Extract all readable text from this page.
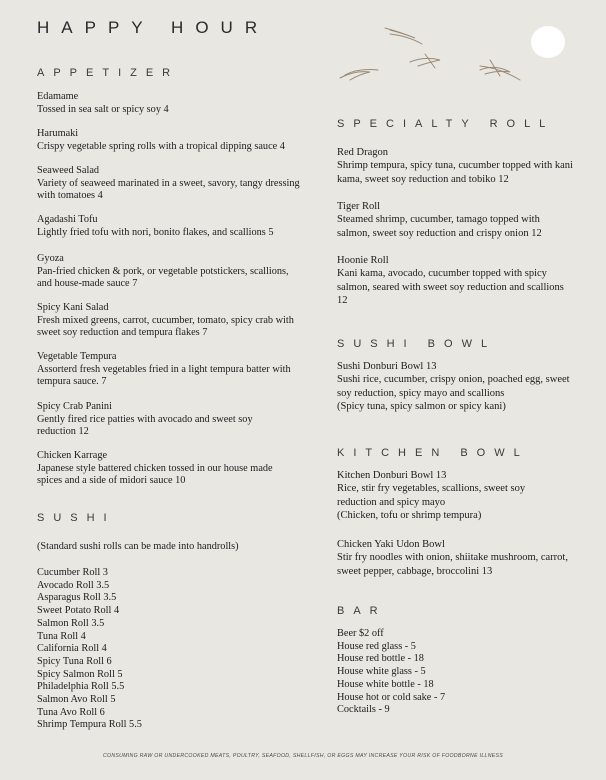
HAPPY HOUR
APPETIZER
Edamame
Tossed in sea salt or spicy soy 4
Harumaki
Crispy vegetable spring rolls with a tropical dipping sauce 4
Seaweed Salad
Variety of seaweed marinated in a sweet, savory, tangy dressing with tomatoes 4
Agadashi Tofu
Lightly fried tofu with nori, bonito flakes, and scallions 5
Gyoza
Pan-fried chicken & pork, or vegetable potstickers, scallions, and house-made sauce 7
Spicy Kani Salad
Fresh mixed greens, carrot, cucumber, tomato, spicy crab with sweet soy reduction and tempura flakes 7
Vegetable Tempura
Assorterd fresh vegetables fried in a light tempura batter with tempura sauce. 7
Spicy Crab Panini
Gently fired rice patties with avocado and sweet soy reduction 12
Chicken Karrage
Japanese style battered chicken tossed in our house made spices and a side of midori sauce 10
SUSHI
(Standard sushi rolls can be made into handrolls)
Cucumber Roll 3
Avocado Roll 3.5
Asparagus Roll 3.5
Sweet Potato Roll 4
Salmon Roll 3.5
Tuna Roll 4
California Roll 4
Spicy Tuna Roll 6
Spicy Salmon Roll 5
Philadelphia Roll 5.5
Salmon Avo Roll 5
Tuna Avo Roll 6
Shrimp Tempura Roll 5.5
SPECIALTY ROLL
Red Dragon
Shrimp tempura, spicy tuna, cucumber topped with kani kama, sweet soy reduction and tobiko 12
Tiger Roll
Steamed shrimp, cucumber, tamago topped with salmon, sweet soy reduction and crispy onion 12
Hoonie Roll
Kani kama, avocado, cucumber topped with spicy salmon, seared with sweet soy reduction and scallions 12
SUSHI BOWL
Sushi Donburi Bowl 13
Sushi rice, cucumber, crispy onion, poached egg, sweet soy reduction, spicy mayo and scallions
(Spicy tuna, spicy salmon or spicy kani)
KITCHEN BOWL
Kitchen Donburi Bowl 13
Rice, stir fry vegetables, scallions, sweet soy reduction and spicy mayo
(Chicken, tofu or shrimp tempura)
Chicken Yaki Udon Bowl
Stir fry noodles with onion, shiitake mushroom, carrot, sweet pepper, cabbage, broccolini 13
BAR
Beer $2 off
House red glass - 5
House red bottle - 18
House white glass - 5
House white bottle - 18
House hot or cold sake - 7
Cocktails - 9
CONSUMING RAW OR UNDERCOOKED MEATS, POULTRY, SEAFOOD, SHELLFISH, OR EGGS MAY INCREASE YOUR RISK OF FOODBORNE ILLNESS
